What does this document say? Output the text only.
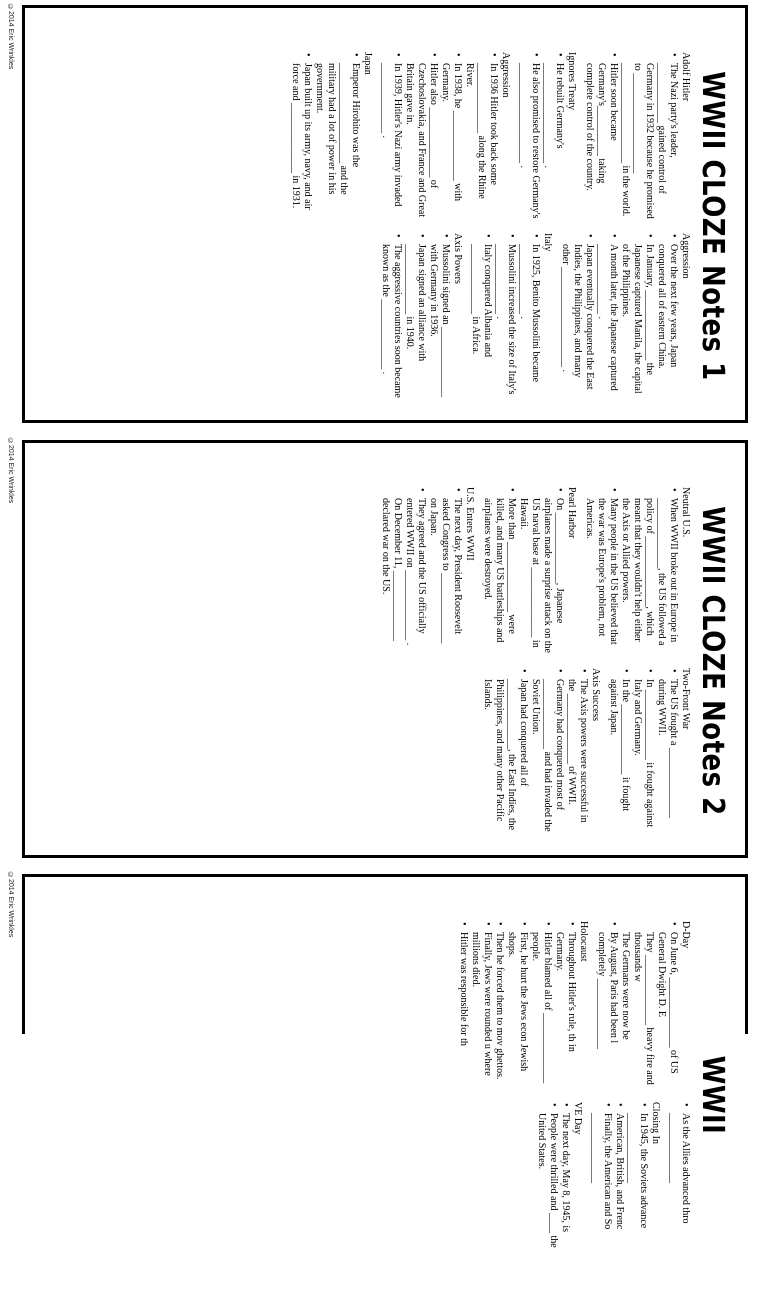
©2014 Eric Wrinkles
WWII CLOZE Notes 1
Adolf Hitler
• The Nazi party's leader, ____________ gained control of Germany in 1932 because he promised to ____________________ ____________________ in the world.
• Hitler soon became Germany's__________ taking complete control of the country.
Ignores Treaty
• He rebuilt Germany's ____________________ .
• He also promised to restore Germany's ____________________ .
Aggression
• In 1936 Hitler took back some ______________ along the Rhine River.
• In 1938, he ______________ with Germany.
• Hitler also ______________ of Czechoslovakia, and France and Great Britain gave in.
• In 1939, Hitler's Nazi army invaded ______________ .
Japan
• Emperor Hirohito was the ____________________ and the military had a lot of power in his government.
• Japan built up its army, navy, and air force and ______________ in 1931.
Aggression
• Over the next few years, Japan conquered all of eastern China.
• In January, ______________ the Japanese captured Manila, the capital of the Philippines.
• A month later, the Japanese captured ______________ .
• Japan eventually conquered the East Indies, the Philippines, and many other ____________________ .
Italy
• In 1925, Benito Mussolini became ______________ .
• Mussolini increased the size of Italy's ______________ .
• Italy conquered Albania and ______________ in Africa.
Axis Powers
• Mussolini signed an ______________ with Germany in 1936.
• Japan signed an alliance with ______________ in 1940.
• The aggressive countries soon became known as the ______________ .
©2014 Eric Wrinkles
WWII CLOZE Notes 2
Neutral U.S.
• When WWII broke out in Europe in ______________, the US followed a policy of ______________, which meant that they wouldn't help either the Axis or Allied powers.
• Many people in the US believed that the war was Europe's problem, not Americas.
Pearl Harbor
• On ______________, Japanese airplanes made a surprise attack on the US naval base at ______________ in Hawaii.
• More than ______________ were killed, and many US battleships and airplanes were destroyed.
U.S. Enters WWII
• The next day, President Roosevelt asked Congress to ______________ on Japan.
• They agreed and the US officially entered WWII on ______________ .
On December 11, ______________ declared war on the US.
Two-Front War
• The US fought a ______________ during WWII.
• In ______________ it fought against Italy and Germany.
• In the ______________ it fought against Japan.
Axis Success
• The Axis powers were successful in the ______________ of WWII.
• Germany had conquered most of ______________ and had invaded the Soviet Union.
• Japan had conquered all of ______________, the East Indies, the Philippines, and many other Pacific Islands.
©2014 Eric Wrinkles
WWII
D-Day
• On June 6, ______________ of US General Dwight D. E
They ______________ heavy fire and thousands w
The Germans were now be
• By August, Paris had been l completely ______________
Holocaust
• Throughout Hitler's rule, th in Germany.
• Hitler blamed all of ______________ people.
• First, he hurt the Jews econ Jewish shops.
• Then he forced them to mov ghettos.
• Finally, Jews were rounded u where millions died.
• Hitler was responsible for th
• As the Allies advanced thro ______________
Closing In
• In 1945, the Soviets advance ______________
• American, British, and Frenc
• Finally, the American and So ______________
VE Day
• The next day, May 8, 1945, is
• People were thrilled and ____ the United States.
